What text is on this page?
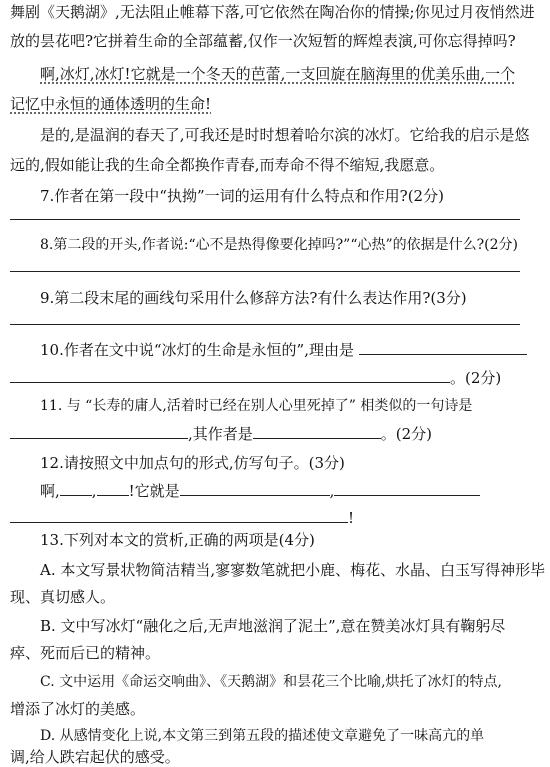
舞剧《天鹅湖》,无法阻止帷幕下落,可它依然在陶冶你的情操;你见过月夜悄然进
放的昙花吧?它拼着生命的全部蕴蓄,仅作一次短暂的辉煌表演,可你忘得掉吗?
啊,冰灯,冰灯!它就是一个冬天的芭蕾,一支回旋在脑海里的优美乐曲,一个
记忆中永恒的通体透明的生命!
是的,是温润的春天了,可我还是时时想着哈尔滨的冰灯。它给我的启示是悠
远的,假如能让我的生命全都换作青春,而寿命不得不缩短,我愿意。
7.作者在第一段中“执拗”一词的运用有什么特点和作用?(2分)
8.第二段的开头,作者说:“心不是热得像要化掉吗?”“心热”的依据是什么?(2分)
9.第二段末尾的画线句采用什么修辞方法?有什么表达作用?(3分)
10.作者在文中说“冰灯的生命是永恒的”,理由是
。(2分)
11. 与 “长寿的庸人,活着时已经在别人心里死掉了” 相类似的一句诗是
,其作者是	。(2分)
12.请按照文中加点句的形式,仿写句子。(3分)
啊, , !它就是	,
!
13.下列对本文的赏析,正确的两项是(4分)
A. 本文写景状物简洁精当,寥寥数笔就把小鹿、梅花、水晶、白玉写得神形毕
现、真切感人。
B. 文中写冰灯“融化之后,无声地滋润了泥土”,意在赞美冰灯具有鞠躬尽
瘁、死而后已的精神。
C. 文中运用《命运交响曲》、《天鹅湖》和昙花三个比喻,烘托了冰灯的特点,
增添了冰灯的美感。
D. 从感情变化上说,本文第三到第五段的描述使文章避免了一味高亢的单
调,给人跌宕起伏的感受。
